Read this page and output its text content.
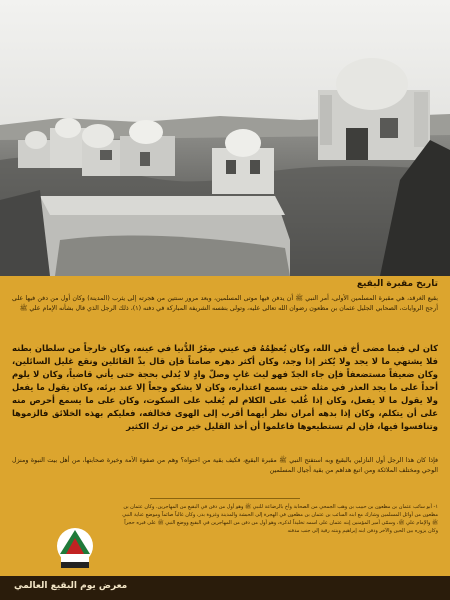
تاريخ مقبرة البقيع

بقيع الغرقد، هي مقبرة المسلمين الأولى، أمر النبي ﷺ أن يدفن فيها موتى المسلمين، وبعد مرور سنتين من هجرته إلى يثرب (المدينة) وكان أول من دفن فيها على أرجح الروايات، الصحابي الجليل عثمان بن مظعون رضوان الله تعالى عليه، وتولى بنفسه الشريفة المباركة في دفنه (١)، ذلك الرجل الذي قال بشأنه الإمام علي ﷺ

كان لي فيما مضى أخ في الله، وكان يُعظِمُهُ في عيني صِغَرُ الدُّنيا في عينه، وكان خارجاً من سلطان بطنه فلا يشتهي ما لا يجد ولا يُكثر إذا وجد، وكان أكثر دهره صامتاً فإن قال بذّ القائلين ونقع غليل السائلين، وكان ضعيفاً مستضعفاً فإن جاء الجدّ فهو ليث غابٍ وصلّ وادٍ لا يُدلي بحجة حتى يأتي قاضياً، وكان لا يلوم أحداً على ما يجد العذر في مثله حتى يسمع اعتذاره، وكان لا يشكو وجعاً إلا عند برئه، وكان يقول ما يفعل ولا يقول ما لا يفعل، وكان إذا غُلب على الكلام لم يُغلب على السكوت، وكان على ما يسمع أحرص منه على أن يتكلم، وكان إذا بدهه أمران نظر أيهما أقرب إلى الهوى فخالفه، فعليكم بهذه الخلائق فالزموها وتنافسوا فيها، فإن لم تستطيعوها فاعلموا أن أخذ القليل خير من ترك الكثير

فإذا كان هذا الرجل أول النازلين بالبقيع وبه استفتح النبي ﷺ مقبرة البقيع، فكيف بقية من احتواه؟ وهم من صفوة الأمة وخيرة صحابتها، من أهل بيت النبوة ومنزل الوحي ومختلف الملائكة ومن اتبع هداهم من بقية أجيال المسلمين

١- أبو سائب عثمان بن مظعون بن حبيب بن وهب الجمحي من الصحابة وأخ بالرضاعة للنبي ﷺ وهو أول من دفن في البقيع من المهاجرين. وكان عثمان بن مظعون من أوائل المسلمين وشارك مع ابنه السائب بن عثمان بن مظعون في الهجرة إلى الحبشة والمدينة وغزوة بدر، وكان غالباً صائماً وموضع عناية النبي ﷺ والإمام علي ﷺ، وسمّى أمير المؤمنين إبنه عثمان على اسمه تخليداً لذكره، وهو أول من دفن من المهاجرين في البقيع ووضع النبي ﷺ على قبره حجراً وكان يزوره بين الحين والآخر ودفن ابنه إبراهيم وبنته رقية إلى جنب مدفنه

معرض يوم البقيع العالمي
